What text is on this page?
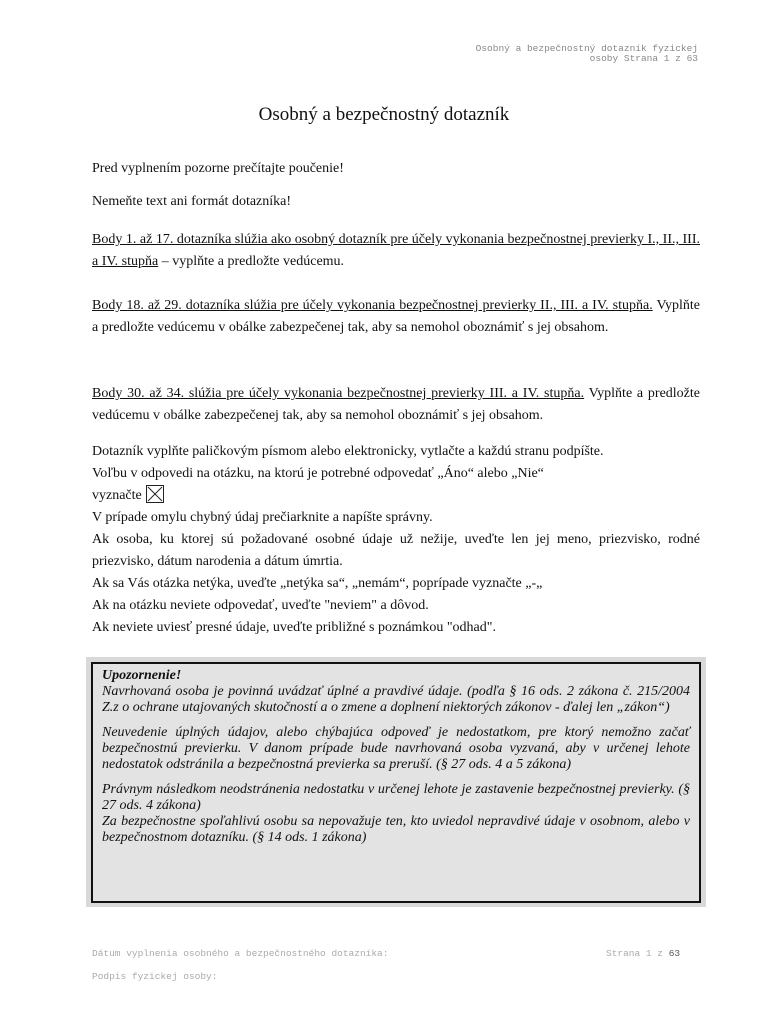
Osobný a bezpečnostný dotazník fyzickej
osoby Strana 1 z 63
Osobný a bezpečnostný dotazník

Pred vyplnením pozorne prečítajte poučenie!

Nemeňte text ani formát dotazníka!

Body 1. až 17. dotazníka slúžia ako osobný dotazník pre účely vykonania bezpečnostnej previerky I., II., III. a IV. stupňa – vyplňte a predložte vedúcemu.

Body 18. až 29. dotazníka slúžia pre účely vykonania bezpečnostnej previerky II., III. a IV. stupňa. Vyplňte a predložte vedúcemu v obálke zabezpečenej tak, aby sa nemohol oboznámiť s jej obsahom.

Body 30. až 34. slúžia pre účely vykonania bezpečnostnej previerky III. a IV. stupňa. Vyplňte a predložte vedúcemu v obálke zabezpečenej tak, aby sa nemohol oboznámiť s jej obsahom.

Dotazník vyplňte paličkovým písmom alebo elektronicky, vytlačte a každú stranu podpíšte.

Voľbu v odpovedi na otázku, na ktorú je potrebné odpovedať „Áno“ alebo „Nie“

vyznačte

V prípade omylu chybný údaj prečiarknite a napíšte správny.

Ak osoba, ku ktorej sú požadované osobné údaje už nežije, uveďte len jej meno, priezvisko, rodné priezvisko, dátum narodenia a dátum úmrtia.

Ak sa Vás otázka netýka, uveďte „netýka sa“, „nemám“, poprípade vyznačte „-„

Ak na otázku neviete odpovedať, uveďte "neviem" a dôvod.

Ak neviete uviesť presné údaje, uveďte približné s poznámkou "odhad".

Upozornenie!

Navrhovaná osoba je povinná uvádzať úplné a pravdivé údaje. (podľa § 16 ods. 2 zákona č. 215/2004 Z.z o ochrane utajovaných skutočností a o zmene a doplnení niektorých zákonov - ďalej len „zákon“)

Neuvedenie úplných údajov, alebo chýbajúca odpoveď je nedostatkom, pre ktorý nemožno začať bezpečnostnú previerku. V danom prípade bude navrhovaná osoba vyzvaná, aby v určenej lehote nedostatok odstránila a bezpečnostná previerka sa preruší. (§ 27 ods. 4 a 5 zákona)

Právnym následkom neodstránenia nedostatku v určenej lehote je zastavenie bezpečnostnej previerky. (§ 27 ods. 4 zákona)

Za bezpečnostne spoľahlivú osobu sa nepovažuje ten, kto uviedol nepravdivé údaje v osobnom, alebo v bezpečnostnom dotazníku. (§ 14 ods. 1 zákona)

Dátum vyplnenia osobného a bezpečnostného dotazníka:	Strana 1 z 63
Podpis fyzickej osoby:
